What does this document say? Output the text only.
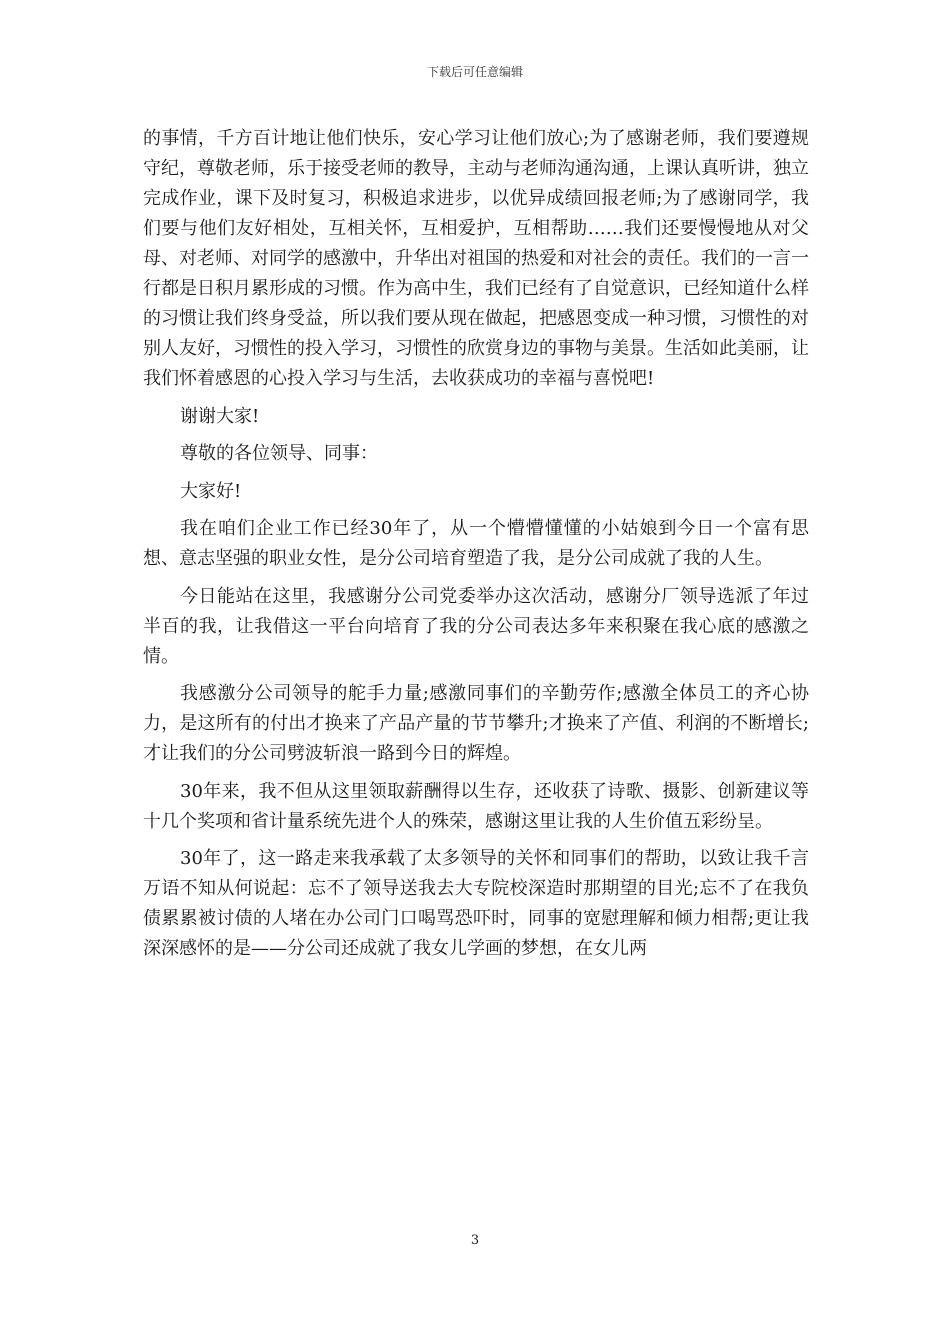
下载后可任意编辑

的事情，千方百计地让他们快乐，安心学习让他们放心;为了感谢老师，我们要遵规守纪，尊敬老师，乐于接受老师的教导，主动与老师沟通沟通，上课认真听讲，独立完成作业，课下及时复习，积极追求进步，以优异成绩回报老师;为了感谢同学，我们要与他们友好相处，互相关怀，互相爱护，互相帮助……我们还要慢慢地从对父母、对老师、对同学的感激中，升华出对祖国的热爱和对社会的责任。我们的一言一行都是日积月累形成的习惯。作为高中生，我们已经有了自觉意识，已经知道什么样的习惯让我们终身受益，所以我们要从现在做起，把感恩变成一种习惯，习惯性的对别人友好，习惯性的投入学习，习惯性的欣赏身边的事物与美景。生活如此美丽，让我们怀着感恩的心投入学习与生活，去收获成功的幸福与喜悦吧!

谢谢大家!

尊敬的各位领导、同事：

大家好!

我在咱们企业工作已经30年了，从一个懵懵懂懂的小姑娘到今日一个富有思想、意志坚强的职业女性，是分公司培育塑造了我，是分公司成就了我的人生。

今日能站在这里，我感谢分公司党委举办这次活动，感谢分厂领导选派了年过半百的我，让我借这一平台向培育了我的分公司表达多年来积聚在我心底的感激之情。

我感激分公司领导的舵手力量;感激同事们的辛勤劳作;感激全体员工的齐心协力，是这所有的付出才换来了产品产量的节节攀升;才换来了产值、利润的不断增长;才让我们的分公司劈波斩浪一路到今日的辉煌。

30年来，我不但从这里领取薪酬得以生存，还收获了诗歌、摄影、创新建议等十几个奖项和省计量系统先进个人的殊荣，感谢这里让我的人生价值五彩纷呈。

30年了，这一路走来我承载了太多领导的关怀和同事们的帮助，以致让我千言万语不知从何说起：忘不了领导送我去大专院校深造时那期望的目光;忘不了在我负债累累被讨债的人堵在办公司门口喝骂恐吓时，同事的宽慰理解和倾力相帮;更让我深深感怀的是——分公司还成就了我女儿学画的梦想，在女儿两

3
